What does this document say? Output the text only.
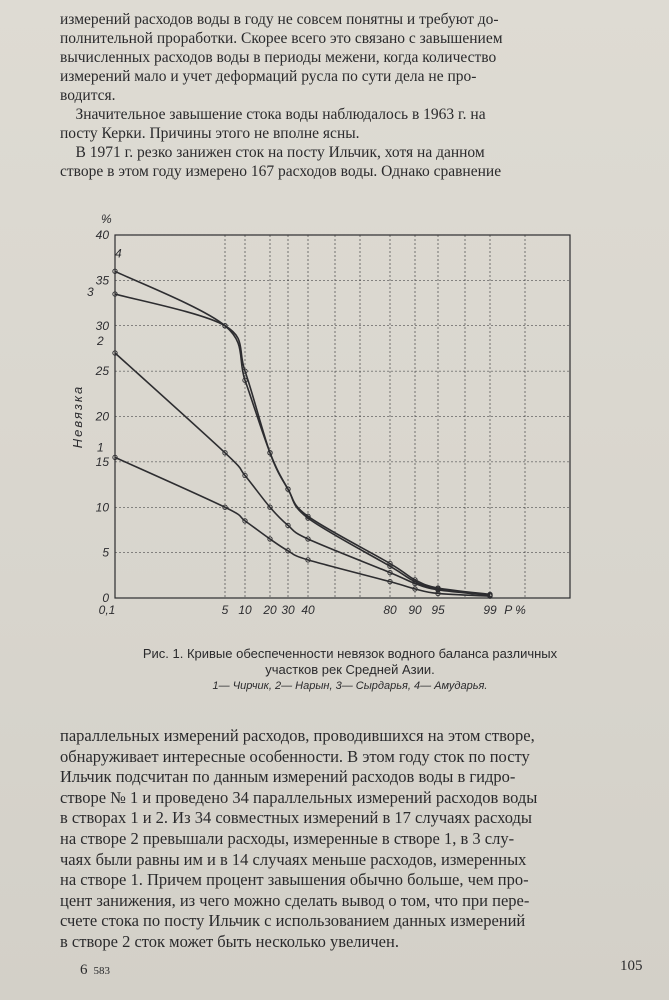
измерений расходов воды в году не совсем понятны и требуют до-
полнительной проработки. Скорее всего это связано с завышением
вычисленных расходов воды в периоды межени, когда количество
измерений мало и учет деформаций русла по сути дела не про-
водится.
Значительное завышение стока воды наблюдалось в 1963 г. на
посту Керки. Причины этого не вполне ясны.
В 1971 г. резко занижен сток на посту Ильчик, хотя на данном
створе в этом году измерено 167 расходов воды. Однако сравнение
0
5
10
15
20
25
30
35
40
%
Невязка
0,1	5 10 20 30 40	80 90 95	99 P %
1
2
3
4
Рис. 1. Кривые обеспеченности невязок водного баланса различных
участков рек Средней Азии.
1— Чирчик, 2— Нарын, 3— Сырдарья, 4— Амударья.
параллельных измерений расходов, проводившихся на этом створе,
обнаруживает интересные особенности. В этом году сток по посту
Ильчик подсчитан по данным измерений расходов воды в гидро-
створе № 1 и проведено 34 параллельных измерений расходов воды
в створах 1 и 2. Из 34 совместных измерений в 17 случаях расходы
на створе 2 превышали расходы, измеренные в створе 1, в 3 слу-
чаях были равны им и в 14 случаях меньше расходов, измеренных
на створе 1. Причем процент завышения обычно больше, чем про-
цент занижения, из чего можно сделать вывод о том, что при пере-
счете стока по посту Ильчик с использованием данных измерений
в створе 2 сток может быть несколько увеличен.
6 583	105
